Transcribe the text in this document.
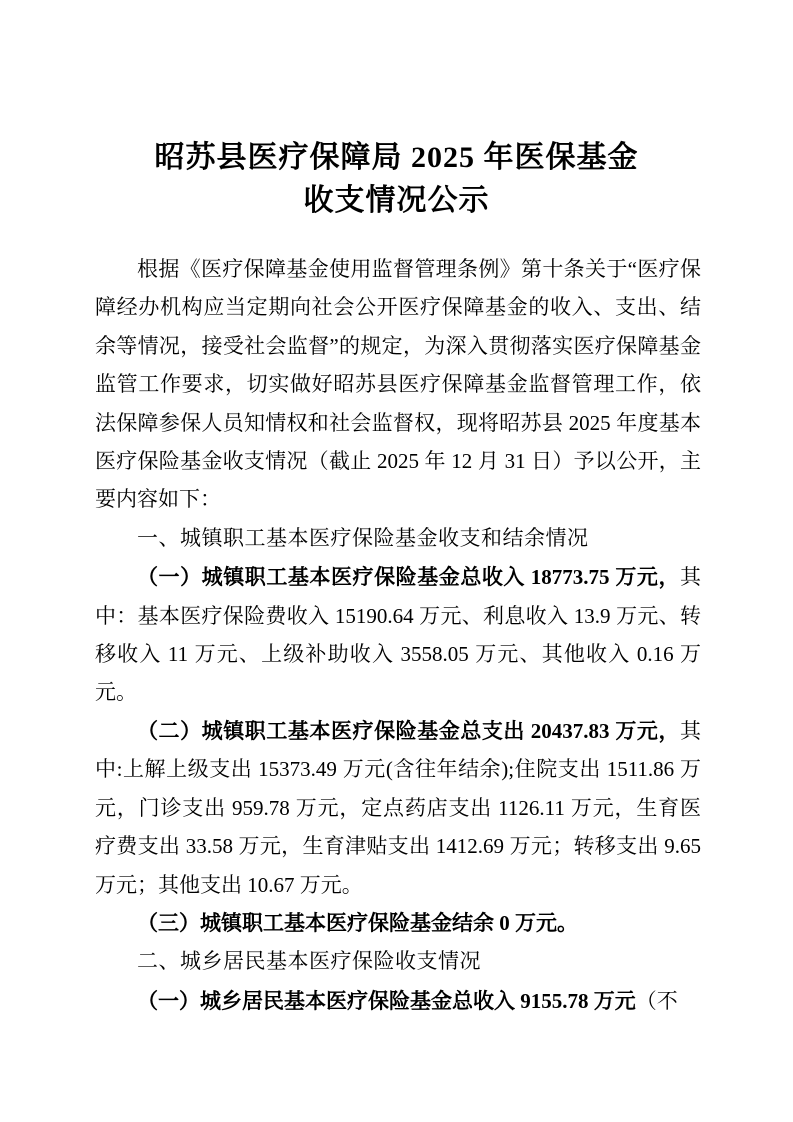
昭苏县医疗保障局 2025 年医保基金
收支情况公示

根据《医疗保障基金使用监督管理条例》第十条关于“医疗保障经办机构应当定期向社会公开医疗保障基金的收入、支出、结余等情况，接受社会监督”的规定，为深入贯彻落实医疗保障基金监管工作要求，切实做好昭苏县医疗保障基金监督管理工作，依法保障参保人员知情权和社会监督权，现将昭苏县 2025 年度基本医疗保险基金收支情况（截止 2025 年 12 月 31 日）予以公开，主要内容如下：

一、城镇职工基本医疗保险基金收支和结余情况

（一）城镇职工基本医疗保险基金总收入 18773.75 万元，其中：基本医疗保险费收入 15190.64 万元、利息收入 13.9 万元、转移收入 11 万元、上级补助收入 3558.05 万元、其他收入 0.16 万元。

（二）城镇职工基本医疗保险基金总支出 20437.83 万元，其中:上解上级支出 15373.49 万元(含往年结余);住院支出 1511.86 万元，门诊支出 959.78 万元，定点药店支出 1126.11 万元，生育医疗费支出 33.58 万元，生育津贴支出 1412.69 万元；转移支出 9.65 万元；其他支出 10.67 万元。

（三）城镇职工基本医疗保险基金结余 0 万元。

二、城乡居民基本医疗保险收支情况

（一）城乡居民基本医疗保险基金总收入 9155.78 万元（不
